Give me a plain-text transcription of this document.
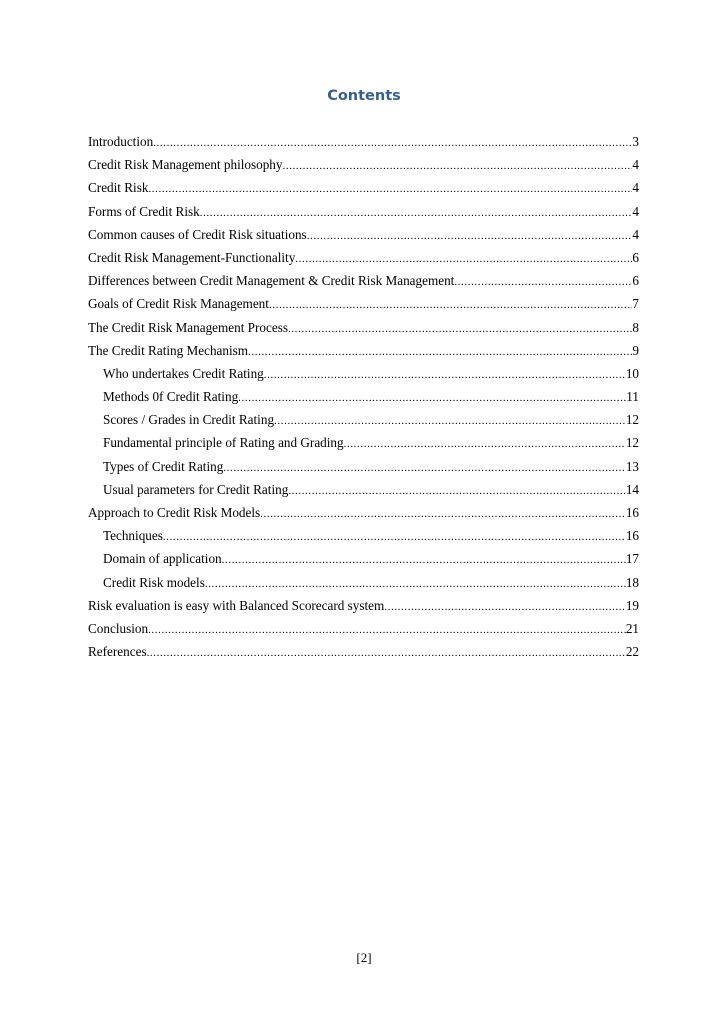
Contents
Introduction .....	3
Credit Risk Management philosophy .....	4
Credit Risk .....	4
Forms of Credit Risk .....	4
Common causes of Credit Risk situations .....	4
Credit Risk Management-Functionality .....	6
Differences between Credit Management & Credit Risk Management .....	6
Goals of Credit Risk Management .....	7
The Credit Risk Management Process .....	8
The Credit Rating Mechanism .....	9
Who undertakes Credit Rating .....	10
Methods 0f Credit Rating .....	11
Scores / Grades in Credit Rating .....	12
Fundamental principle of Rating and Grading .....	12
Types of Credit Rating .....	13
Usual parameters for Credit Rating .....	14
Approach to Credit Risk Models .....	16
Techniques .....	16
Domain of application .....	17
Credit Risk models .....	18
Risk evaluation is easy with Balanced Scorecard system .....	19
Conclusion .....	21
References .....	22
[2]
